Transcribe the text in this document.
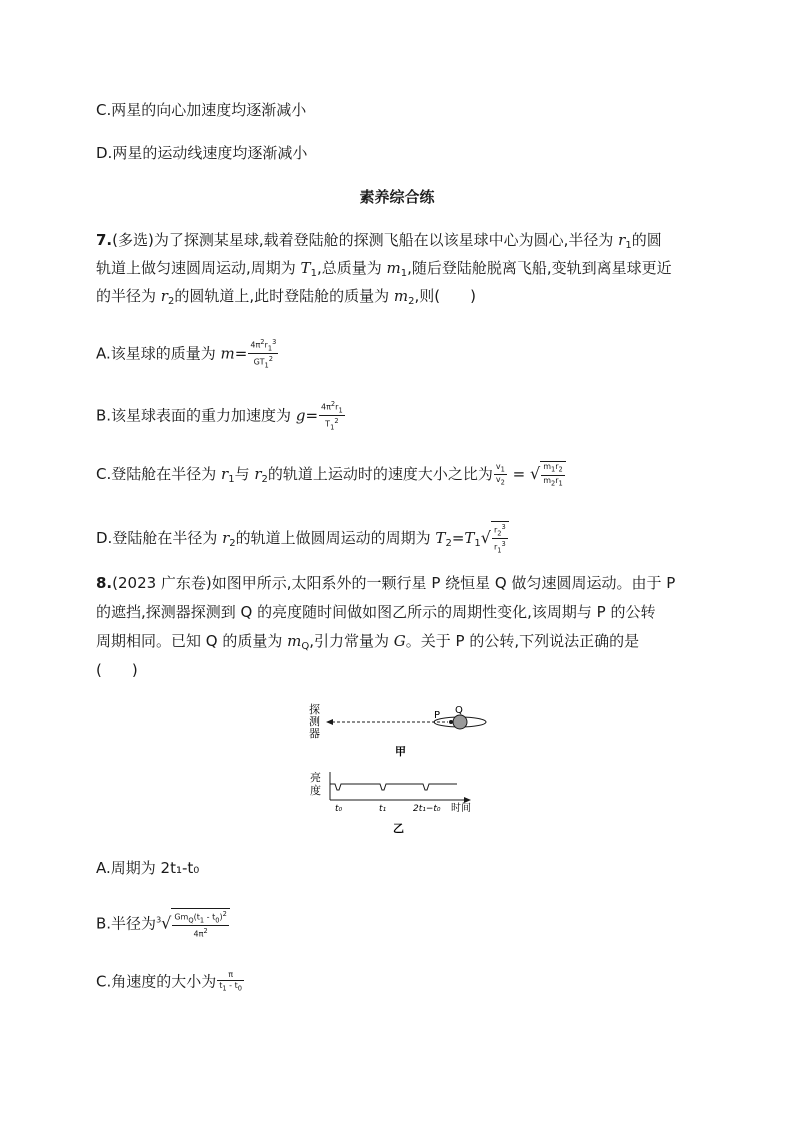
C.两星的向心加速度均逐渐减小
D.两星的运动线速度均逐渐减小
素养综合练
7.(多选)为了探测某星球,载着登陆舱的探测飞船在以该星球中心为圆心,半径为 $r_1$的圆
轨道上做匀速圆周运动,周期为 $T_1$,总质量为 $m_1$,随后登陆舱脱离飞船,变轨到离星球更近
的半径为 $r_2$的圆轨道上,此时登陆舱的质量为 $m_2$,则(　　)
A.该星球的质量为 $m= \frac{4\pi^2r_1^3}{GT_1^2}$
B.该星球表面的重力加速度为 $g= \frac{4\pi^2r_1}{T_1^2}$
C.登陆舱在半径为 $r_1$与 $r_2$的轨道上运动时的速度大小之比为 $\frac{v_1}{v_2}$ = √ $\frac{m_1r_2}{m_2r_1}$
D.登陆舱在半径为 $r_2$的轨道上做圆周运动的周期为 $T_2=T_1√ \frac{r_2^3}{r_1^3}$
8.(2023 广东卷)如图甲所示,太阳系外的一颗行星 P 绕恒星 Q 做匀速圆周运动。由于 P
的遮挡,探测器探测到 Q 的亮度随时间做如图乙所示的周期性变化,该周期与 P 的公转
周期相同。已知 Q 的质量为 $m_Q$,引力常量为 G。关于 P 的公转,下列说法正确的是
(　　)
探
测
器
P Q
甲
亮
度
t₀	t₁	2t₁−t₀ 时间
乙
A.周期为 2t₁-t₀
B.半径为$^3√ \frac{Gm_Q(t_1 - t_0)^2}{4\pi^2}$
C.角速度的大小为 $\frac{\pi}{t_1 - t_0}$
